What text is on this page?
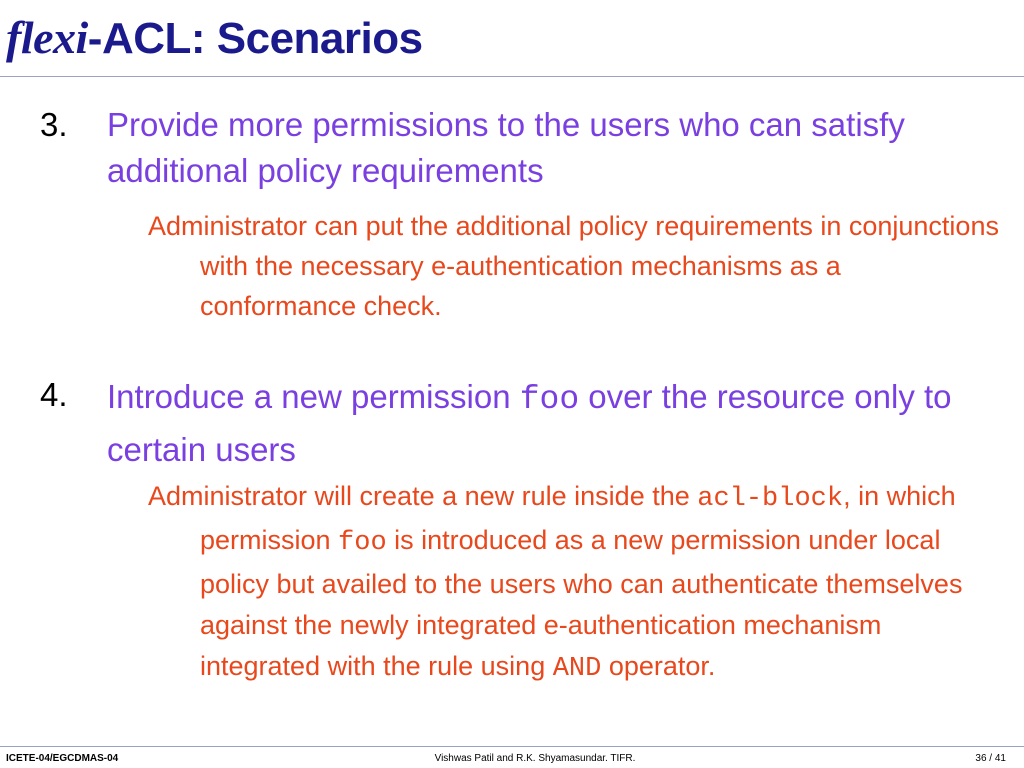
flexi-ACL: Scenarios
3. Provide more permissions to the users who can satisfy additional policy requirements

Administrator can put the additional policy requirements in conjunctions with the necessary e-authentication mechanisms as a conformance check.

4. Introduce a new permission foo over the resource only to certain users

Administrator will create a new rule inside the acl-block, in which permission foo is introduced as a new permission under local policy but availed to the users who can authenticate themselves against the newly integrated e-authentication mechanism integrated with the rule using AND operator.

ICETE-04/EGCDMAS-04	Vishwas Patil and R.K. Shyamasundar. TIFR.	36 / 41
